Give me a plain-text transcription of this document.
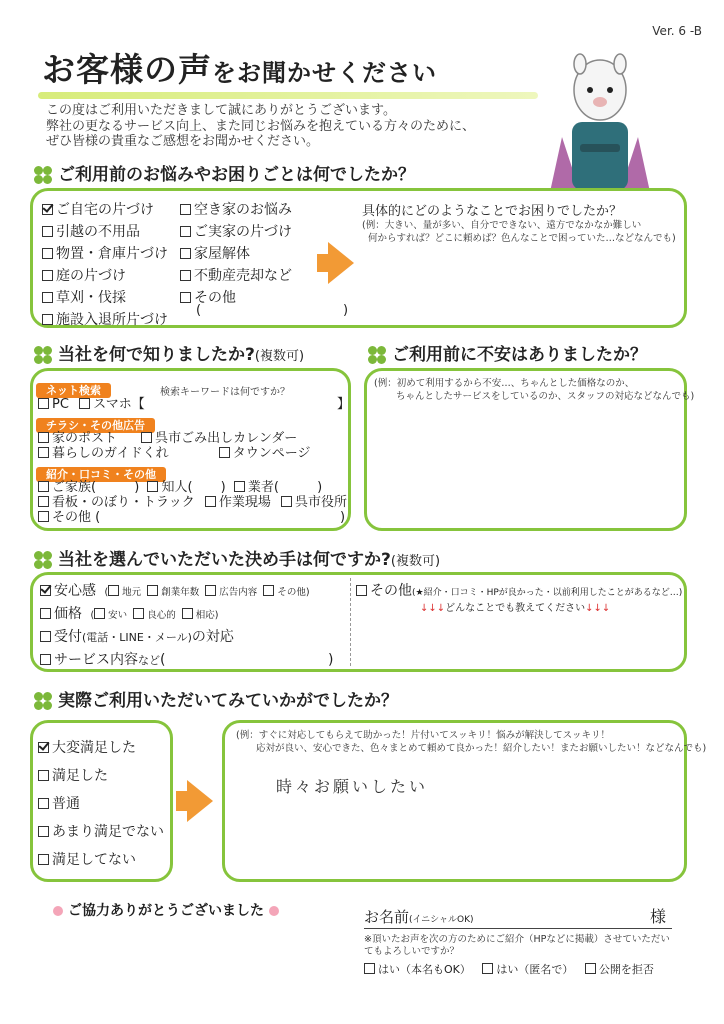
Ver. 6 -B
お客様の声をお聞かせください
この度はご利用いただきまして誠にありがとうございます。
弊社の更なるサービス向上、また同じお悩みを抱えている方々のために、
ぜひ皆様の貴重なご感想をお聞かせください。
ご利用前のお悩みやお困りごとは何でしたか？
ご自宅の片づけ
引越の不用品
物置・倉庫片づけ
庭の片づけ
草刈・伐採
施設入退所片づけ
空き家のお悩み
ご実家の片づけ
家屋解体
不動産売却など
その他
(	)
具体的にどのようなことでお困りでしたか？
(例：大きい、量が多い、自分でできない、遠方でなかなか難しい
何からすれば？どこに頼めば？色んなことで困っていた…などなんでも)
当社を何で知りましたか?(複数可)
ネット検索	検索キーワードは何ですか？
PC スマホ【	】
チラシ・その他広告
家のポスト	呉市ごみ出しカレンダー
暮らしのガイドくれ	タウンページ
紹介・口コミ・その他
ご家族(	) 知人( ) 業者(	)
看板・のぼり・トラック 作業現場 呉市役所
その他 (	)
ご利用前に不安はありましたか？
(例：初めて利用するから不安…、ちゃんとした価格なのか、
ちゃんとしたサービスをしているのか、スタッフの対応などなんでも)
当社を選んでいただいた決め手は何ですか?(複数可)
安心感 ( 地元 創業年数 広告内容 その他)
価格 ( 安い 良心的 相応)
受付(電話・LINE・メール)の対応
サービス内容など(	)
その他(★紹介・口コミ・HPが良かった・以前利用したことがあるなど…)
↓↓↓どんなことでも教えてください↓↓↓
実際ご利用いただいてみていかがでしたか？
大変満足した
満足した
普通
あまり満足でない
満足してない
(例：すぐに対応してもらえて助かった！片付いてスッキリ！悩みが解決してスッキリ！
応対が良い、安心できた、色々まとめて頼めて良かった！紹介したい！またお願いしたい！などなんでも)
時々お願いしたい
ご協力ありがとうございました	お名前(イニシャルOK)	様
※頂いたお声を次の方のためにご紹介（HPなどに掲載）させていただい
てもよろしいですか？
はい（本名もOK） はい（匿名で） 公開を拒否
